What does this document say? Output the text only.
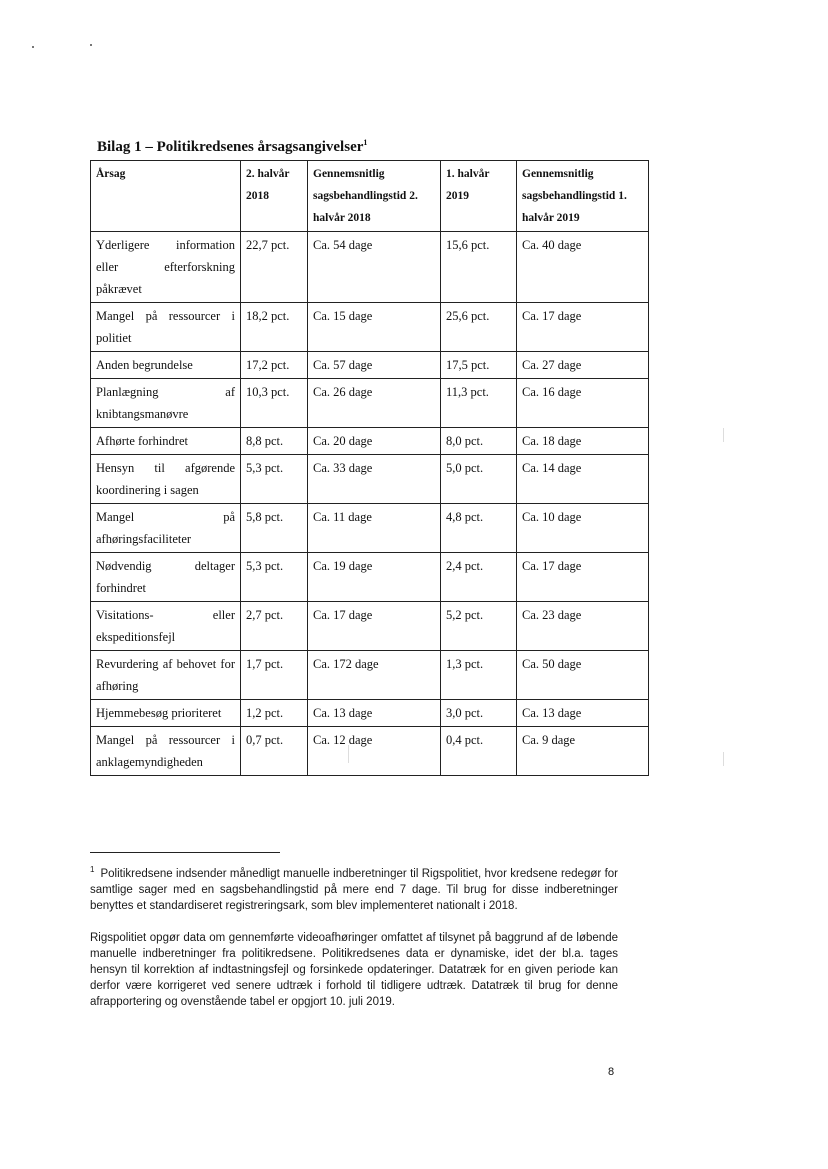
Bilag 1 – Politikredsenes årsagsangivelser$^1$
Årsag	2. halvår 2018	Gennemsnitlig sagsbehandlingstid 2. halvår 2018	1. halvår 2019	Gennemsnitlig sagsbehandlingstid 1. halvår 2019
Yderligere information eller efterforskning påkrævet	22,7 pct.	Ca. 54 dage	15,6 pct.	Ca. 40 dage
Mangel på ressourcer i politiet	18,2 pct.	Ca. 15 dage	25,6 pct.	Ca. 17 dage
Anden begrundelse	17,2 pct.	Ca. 57 dage	17,5 pct.	Ca. 27 dage
Planlægning af knibtangsmanøvre	10,3 pct.	Ca. 26 dage	11,3 pct.	Ca. 16 dage
Afhørte forhindret	8,8 pct.	Ca. 20 dage	8,0 pct.	Ca. 18 dage
Hensyn til afgørende koordinering i sagen	5,3 pct.	Ca. 33 dage	5,0 pct.	Ca. 14 dage
Mangel på afhøringsfaciliteter	5,8 pct.	Ca. 11 dage	4,8 pct.	Ca. 10 dage
Nødvendig deltager forhindret	5,3 pct.	Ca. 19 dage	2,4 pct.	Ca. 17 dage
Visitations- eller ekspeditionsfejl	2,7 pct.	Ca. 17 dage	5,2 pct.	Ca. 23 dage
Revurdering af behovet for afhøring	1,7 pct.	Ca. 172 dage	1,3 pct.	Ca. 50 dage
Hjemmebesøg prioriteret	1,2 pct.	Ca. 13 dage	3,0 pct.	Ca. 13 dage
Mangel på ressourcer i anklagemyndigheden	0,7 pct.	Ca. 12 dage	0,4 pct.	Ca. 9 dage

$^1$ Politikredsene indsender månedligt manuelle indberetninger til Rigspolitiet, hvor kredsene redegør for samtlige sager med en sagsbehandlingstid på mere end 7 dage. Til brug for disse indberetninger benyttes et standardiseret registreringsark, som blev implementeret nationalt i 2018.

Rigspolitiet opgør data om gennemførte videoafhøringer omfattet af tilsynet på baggrund af de løbende manuelle indberetninger fra politikredsene. Politikredsenes data er dynamiske, idet der bl.a. tages hensyn til korrektion af indtastningsfejl og forsinkede opdateringer. Datatræk for en given periode kan derfor være korrigeret ved senere udtræk i forhold til tidligere udtræk. Datatræk til brug for denne afrapportering og ovenstående tabel er opgjort 10. juli 2019.

8
